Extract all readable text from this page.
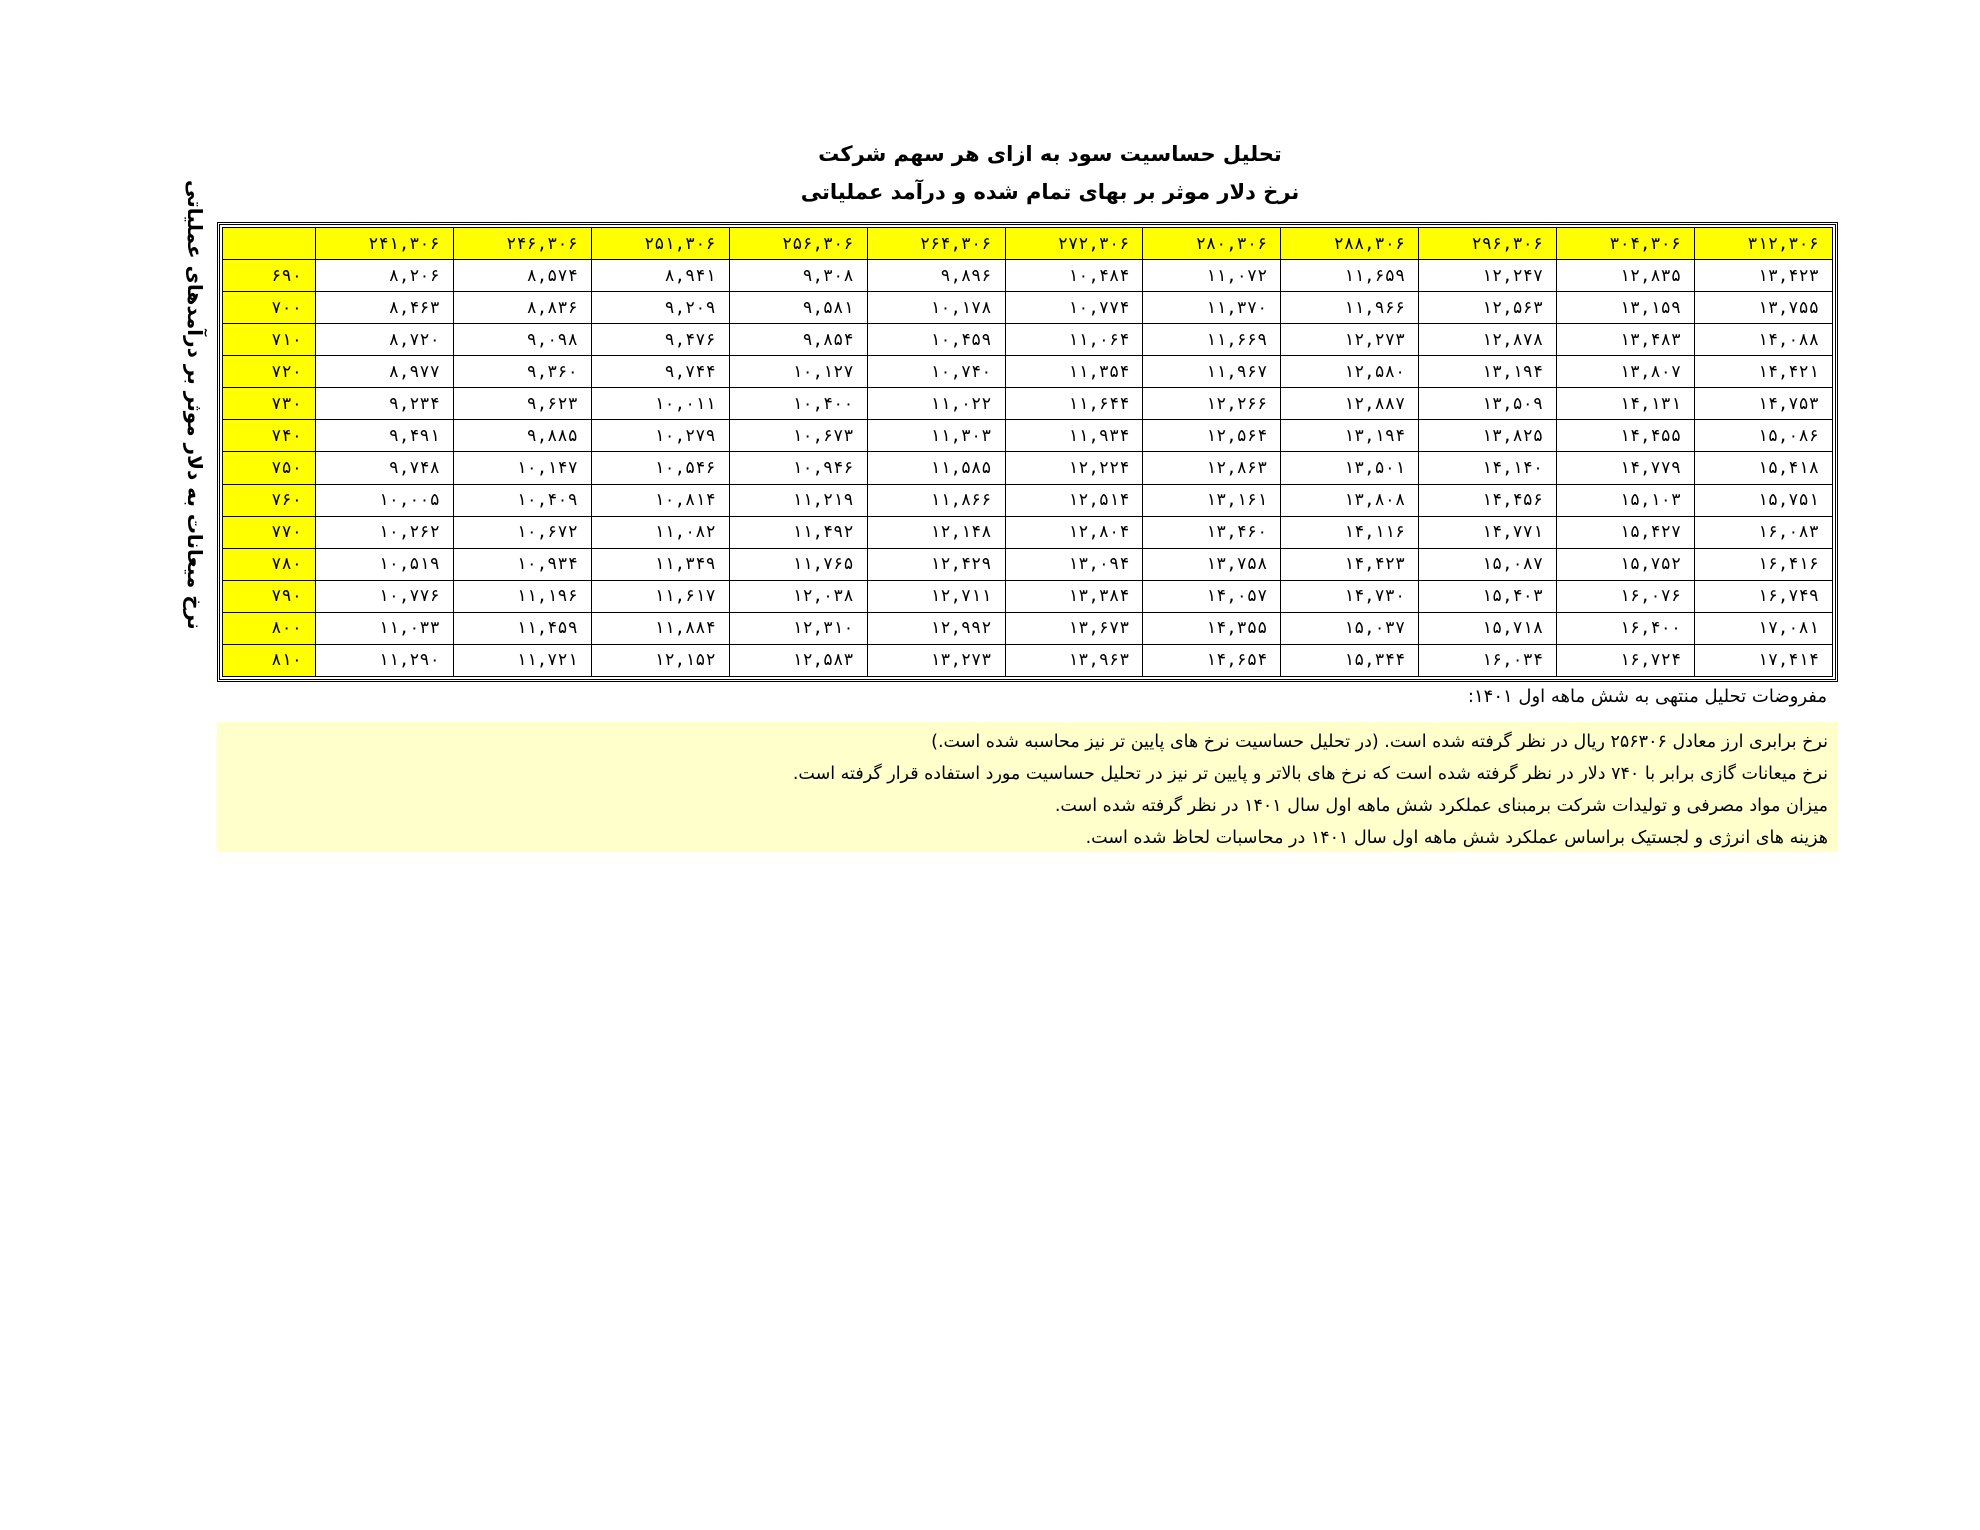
تحلیل حساسیت سود به ازای هر سهم شرکت
نرخ دلار موثر بر بهای تمام شده و درآمد عملیاتی
نرخ میعانات به دلار موثر بر درآمدهای عملیاتی
		۲۴۱,۳۰۶	۲۴۶,۳۰۶	۲۵۱,۳۰۶	۲۵۶,۳۰۶	۲۶۴,۳۰۶	۲۷۲,۳۰۶	۲۸۰,۳۰۶	۲۸۸,۳۰۶	۲۹۶,۳۰۶	۳۰۴,۳۰۶	۳۱۲,۳۰۶
۶۹۰	۸,۲۰۶	۸,۵۷۴	۸,۹۴۱	۹,۳۰۸	۹,۸۹۶	۱۰,۴۸۴	۱۱,۰۷۲	۱۱,۶۵۹	۱۲,۲۴۷	۱۲,۸۳۵	۱۳,۴۲۳
۷۰۰	۸,۴۶۳	۸,۸۳۶	۹,۲۰۹	۹,۵۸۱	۱۰,۱۷۸	۱۰,۷۷۴	۱۱,۳۷۰	۱۱,۹۶۶	۱۲,۵۶۳	۱۳,۱۵۹	۱۳,۷۵۵
۷۱۰	۸,۷۲۰	۹,۰۹۸	۹,۴۷۶	۹,۸۵۴	۱۰,۴۵۹	۱۱,۰۶۴	۱۱,۶۶۹	۱۲,۲۷۳	۱۲,۸۷۸	۱۳,۴۸۳	۱۴,۰۸۸
۷۲۰	۸,۹۷۷	۹,۳۶۰	۹,۷۴۴	۱۰,۱۲۷	۱۰,۷۴۰	۱۱,۳۵۴	۱۱,۹۶۷	۱۲,۵۸۰	۱۳,۱۹۴	۱۳,۸۰۷	۱۴,۴۲۱
۷۳۰	۹,۲۳۴	۹,۶۲۳	۱۰,۰۱۱	۱۰,۴۰۰	۱۱,۰۲۲	۱۱,۶۴۴	۱۲,۲۶۶	۱۲,۸۸۷	۱۳,۵۰۹	۱۴,۱۳۱	۱۴,۷۵۳
۷۴۰	۹,۴۹۱	۹,۸۸۵	۱۰,۲۷۹	۱۰,۶۷۳	۱۱,۳۰۳	۱۱,۹۳۴	۱۲,۵۶۴	۱۳,۱۹۴	۱۳,۸۲۵	۱۴,۴۵۵	۱۵,۰۸۶
۷۵۰	۹,۷۴۸	۱۰,۱۴۷	۱۰,۵۴۶	۱۰,۹۴۶	۱۱,۵۸۵	۱۲,۲۲۴	۱۲,۸۶۳	۱۳,۵۰۱	۱۴,۱۴۰	۱۴,۷۷۹	۱۵,۴۱۸
۷۶۰	۱۰,۰۰۵	۱۰,۴۰۹	۱۰,۸۱۴	۱۱,۲۱۹	۱۱,۸۶۶	۱۲,۵۱۴	۱۳,۱۶۱	۱۳,۸۰۸	۱۴,۴۵۶	۱۵,۱۰۳	۱۵,۷۵۱
۷۷۰	۱۰,۲۶۲	۱۰,۶۷۲	۱۱,۰۸۲	۱۱,۴۹۲	۱۲,۱۴۸	۱۲,۸۰۴	۱۳,۴۶۰	۱۴,۱۱۶	۱۴,۷۷۱	۱۵,۴۲۷	۱۶,۰۸۳
۷۸۰	۱۰,۵۱۹	۱۰,۹۳۴	۱۱,۳۴۹	۱۱,۷۶۵	۱۲,۴۲۹	۱۳,۰۹۴	۱۳,۷۵۸	۱۴,۴۲۳	۱۵,۰۸۷	۱۵,۷۵۲	۱۶,۴۱۶
۷۹۰	۱۰,۷۷۶	۱۱,۱۹۶	۱۱,۶۱۷	۱۲,۰۳۸	۱۲,۷۱۱	۱۳,۳۸۴	۱۴,۰۵۷	۱۴,۷۳۰	۱۵,۴۰۳	۱۶,۰۷۶	۱۶,۷۴۹
۸۰۰	۱۱,۰۳۳	۱۱,۴۵۹	۱۱,۸۸۴	۱۲,۳۱۰	۱۲,۹۹۲	۱۳,۶۷۳	۱۴,۳۵۵	۱۵,۰۳۷	۱۵,۷۱۸	۱۶,۴۰۰	۱۷,۰۸۱
۸۱۰	۱۱,۲۹۰	۱۱,۷۲۱	۱۲,۱۵۲	۱۲,۵۸۳	۱۳,۲۷۳	۱۳,۹۶۳	۱۴,۶۵۴	۱۵,۳۴۴	۱۶,۰۳۴	۱۶,۷۲۴	۱۷,۴۱۴
مفروضات تحلیل منتهی به شش ماهه اول ۱۴۰۱:
نرخ برابری ارز معادل ۲۵۶۳۰۶ ریال در نظر گرفته شده است. (در تحلیل حساسیت نرخ های پایین تر نیز محاسبه شده است.)
نرخ میعانات گازی برابر با ۷۴۰ دلار در نظر گرفته شده است که نرخ های بالاتر و پایین تر نیز در تحلیل حساسیت مورد استفاده قرار گرفته است.
میزان مواد مصرفی و تولیدات شرکت برمبنای عملکرد شش ماهه اول سال ۱۴۰۱ در نظر گرفته شده است.
هزینه های انرژی و لجستیک براساس عملکرد شش ماهه اول سال ۱۴۰۱ در محاسبات لحاظ شده است.
